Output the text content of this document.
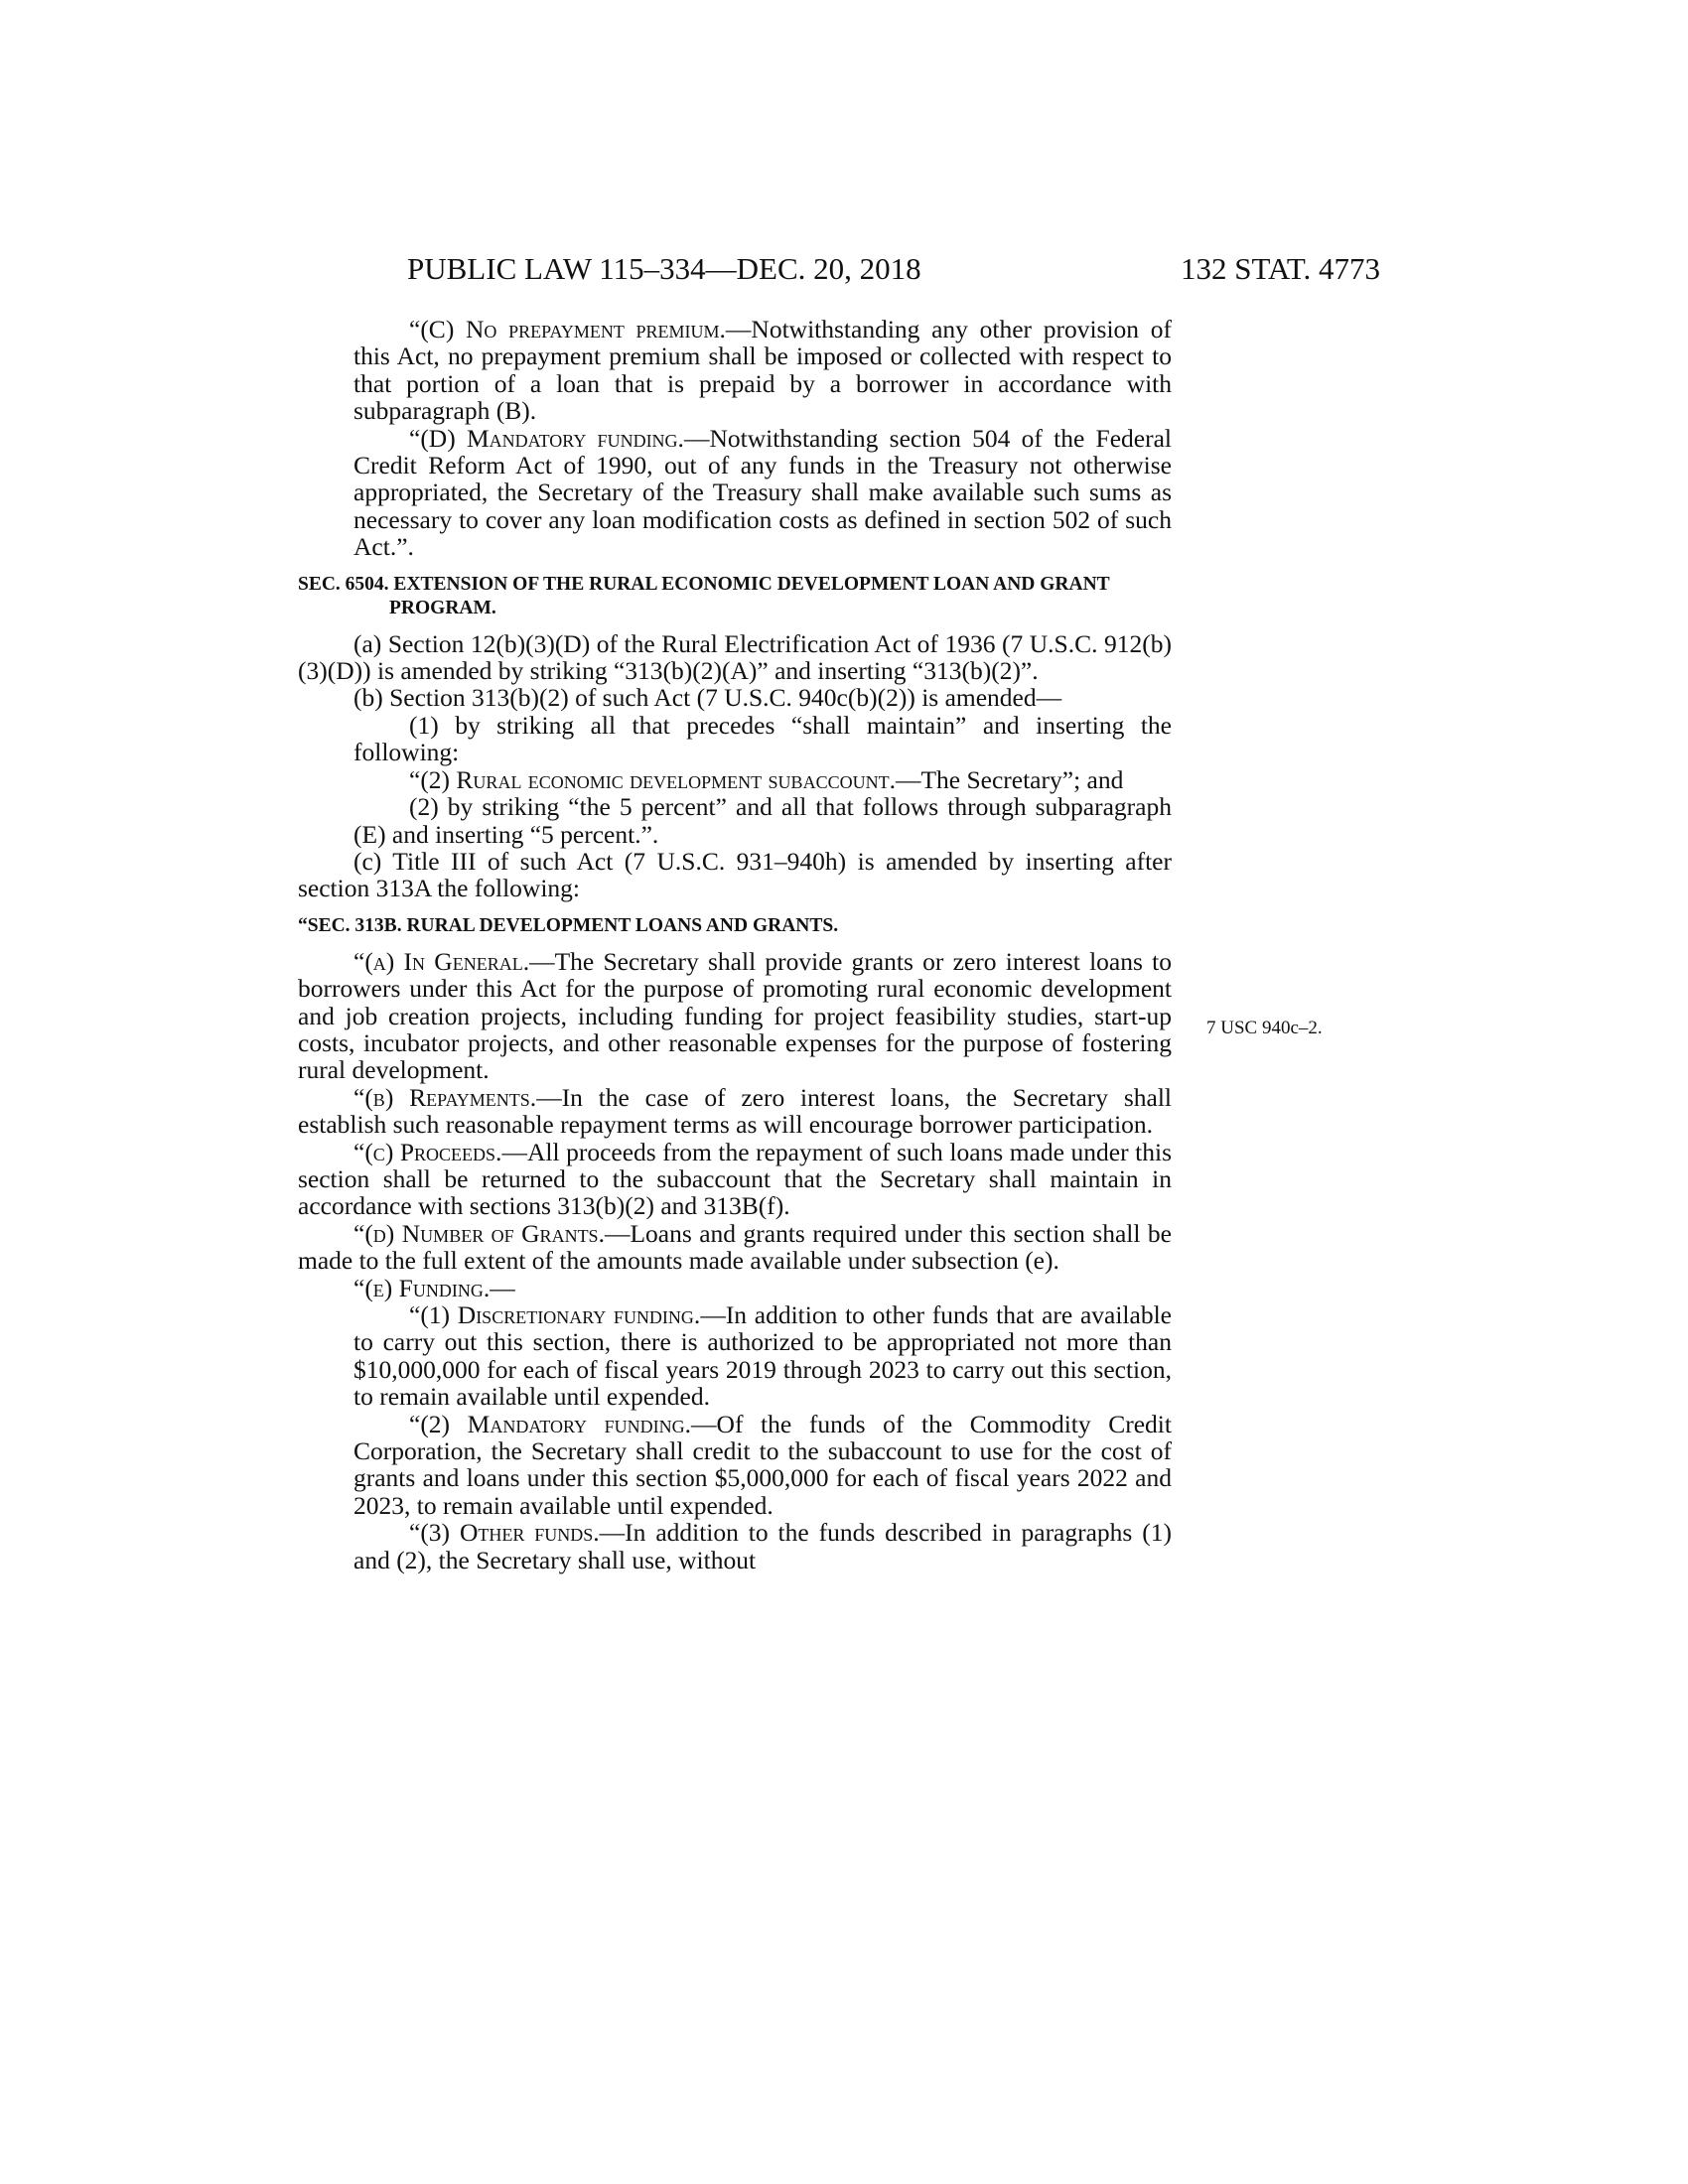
PUBLIC LAW 115–334—DEC. 20, 2018	132 STAT. 4773
7 USC 940c–2.

“(C) No prepayment premium.—Notwithstanding any other provision of this Act, no prepayment premium shall be imposed or collected with respect to that portion of a loan that is prepaid by a borrower in accordance with subparagraph (B).

“(D) Mandatory funding.—Notwithstanding section 504 of the Federal Credit Reform Act of 1990, out of any funds in the Treasury not otherwise appropriated, the Secretary of the Treasury shall make available such sums as necessary to cover any loan modification costs as defined in section 502 of such Act.”.

SEC. 6504. EXTENSION OF THE RURAL ECONOMIC DEVELOPMENT LOAN AND GRANT PROGRAM.

(a) Section 12(b)(3)(D) of the Rural Electrification Act of 1936 (7 U.S.C. 912(b)(3)(D)) is amended by striking “313(b)(2)(A)” and inserting “313(b)(2)”.

(b) Section 313(b)(2) of such Act (7 U.S.C. 940c(b)(2)) is amended—

(1) by striking all that precedes “shall maintain” and inserting the following:

“(2) Rural economic development subaccount.—The Secretary”; and

(2) by striking “the 5 percent” and all that follows through subparagraph (E) and inserting “5 percent.”.

(c) Title III of such Act (7 U.S.C. 931–940h) is amended by inserting after section 313A the following:

“SEC. 313B. RURAL DEVELOPMENT LOANS AND GRANTS.

“(a) In General.—The Secretary shall provide grants or zero interest loans to borrowers under this Act for the purpose of promoting rural economic development and job creation projects, including funding for project feasibility studies, start-up costs, incubator projects, and other reasonable expenses for the purpose of fostering rural development.

“(b) Repayments.—In the case of zero interest loans, the Secretary shall establish such reasonable repayment terms as will encourage borrower participation.

“(c) Proceeds.—All proceeds from the repayment of such loans made under this section shall be returned to the subaccount that the Secretary shall maintain in accordance with sections 313(b)(2) and 313B(f).

“(d) Number of Grants.—Loans and grants required under this section shall be made to the full extent of the amounts made available under subsection (e).

“(e) Funding.—

“(1) Discretionary funding.—In addition to other funds that are available to carry out this section, there is authorized to be appropriated not more than $10,000,000 for each of fiscal years 2019 through 2023 to carry out this section, to remain available until expended.

“(2) Mandatory funding.—Of the funds of the Commodity Credit Corporation, the Secretary shall credit to the subaccount to use for the cost of grants and loans under this section $5,000,000 for each of fiscal years 2022 and 2023, to remain available until expended.

“(3) Other funds.—In addition to the funds described in paragraphs (1) and (2), the Secretary shall use, without
